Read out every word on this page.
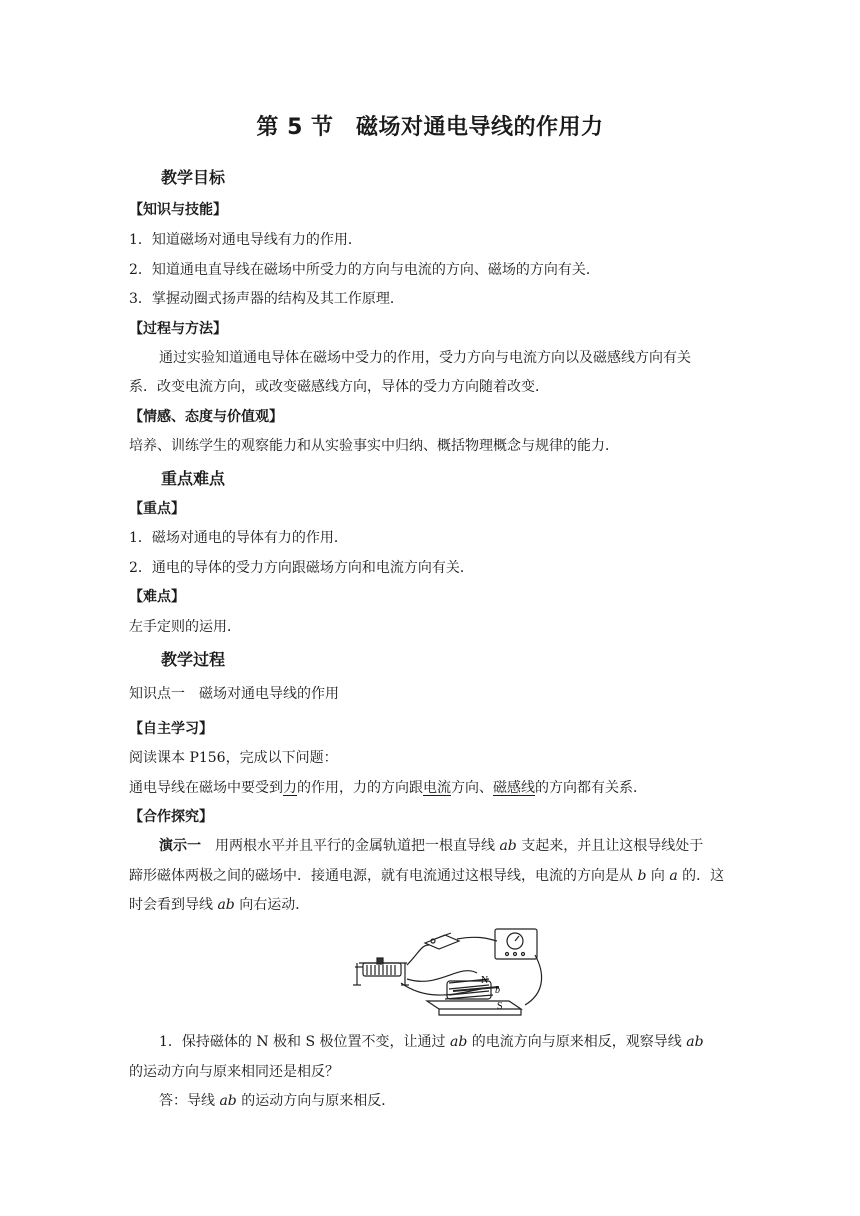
第 5 节　磁场对通电导线的作用力
教学目标
【知识与技能】
1．知道磁场对通电导线有力的作用．
2．知道通电直导线在磁场中所受力的方向与电流的方向、磁场的方向有关．
3．掌握动圈式扬声器的结构及其工作原理．
【过程与方法】
通过实验知道通电导体在磁场中受力的作用，受力方向与电流方向以及磁感线方向有关
系．改变电流方向，或改变磁感线方向，导体的受力方向随着改变．
【情感、态度与价值观】
培养、训练学生的观察能力和从实验事实中归纳、概括物理概念与规律的能力．
重点难点
【重点】
1．磁场对通电的导体有力的作用．
2．通电的导体的受力方向跟磁场方向和电流方向有关．
【难点】
左手定则的运用．
教学过程
知识点一　磁场对通电导线的作用
【自主学习】
阅读课本 P156，完成以下问题：
通电导线在磁场中要受到力的作用，力的方向跟电流方向、磁感线的方向都有关系．
【合作探究】
演示一　用两根水平并且平行的金属轨道把一根直导线 ab 支起来，并且让这根导线处于
蹄形磁体两极之间的磁场中．接通电源，就有电流通过这根导线，电流的方向是从 b 向 a 的．这
时会看到导线 ab 向右运动．
N
b
S
1．保持磁体的 N 极和 S 极位置不变，让通过 ab 的电流方向与原来相反，观察导线 ab
的运动方向与原来相同还是相反？
答：导线 ab 的运动方向与原来相反．
